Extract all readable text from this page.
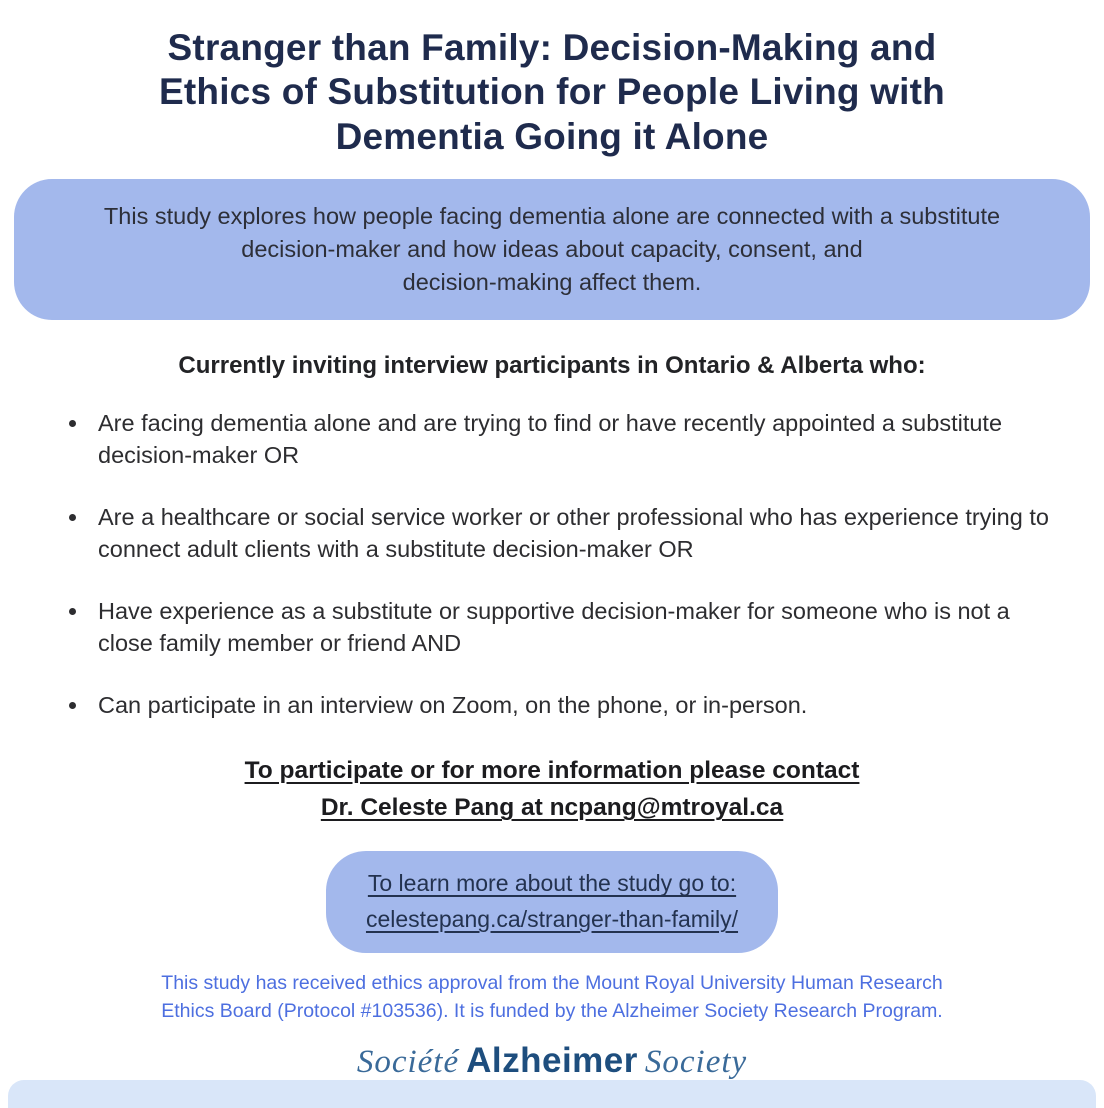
Stranger than Family: Decision-Making and
Ethics of Substitution for People Living with
Dementia Going it Alone
This study explores how people facing dementia alone are connected with a substitute
decision-maker and how ideas about capacity, consent, and
decision-making affect them.

Currently inviting interview participants in Ontario & Alberta who:

• Are facing dementia alone and are trying to find or have recently appointed a substitute decision-maker OR
• Are a healthcare or social service worker or other professional who has experience trying to connect adult clients with a substitute decision-maker OR
• Have experience as a substitute or supportive decision-maker for someone who is not a close family member or friend AND
• Can participate in an interview on Zoom, on the phone, or in-person.
To participate or for more information please contact
Dr. Celeste Pang at ncpang@mtroyal.ca
To learn more about the study go to:
celestepang.ca/stranger-than-family/
This study has received ethics approval from the Mount Royal University Human Research
Ethics Board (Protocol #103536). It is funded by the Alzheimer Society Research Program.
Société Alzheimer Society
